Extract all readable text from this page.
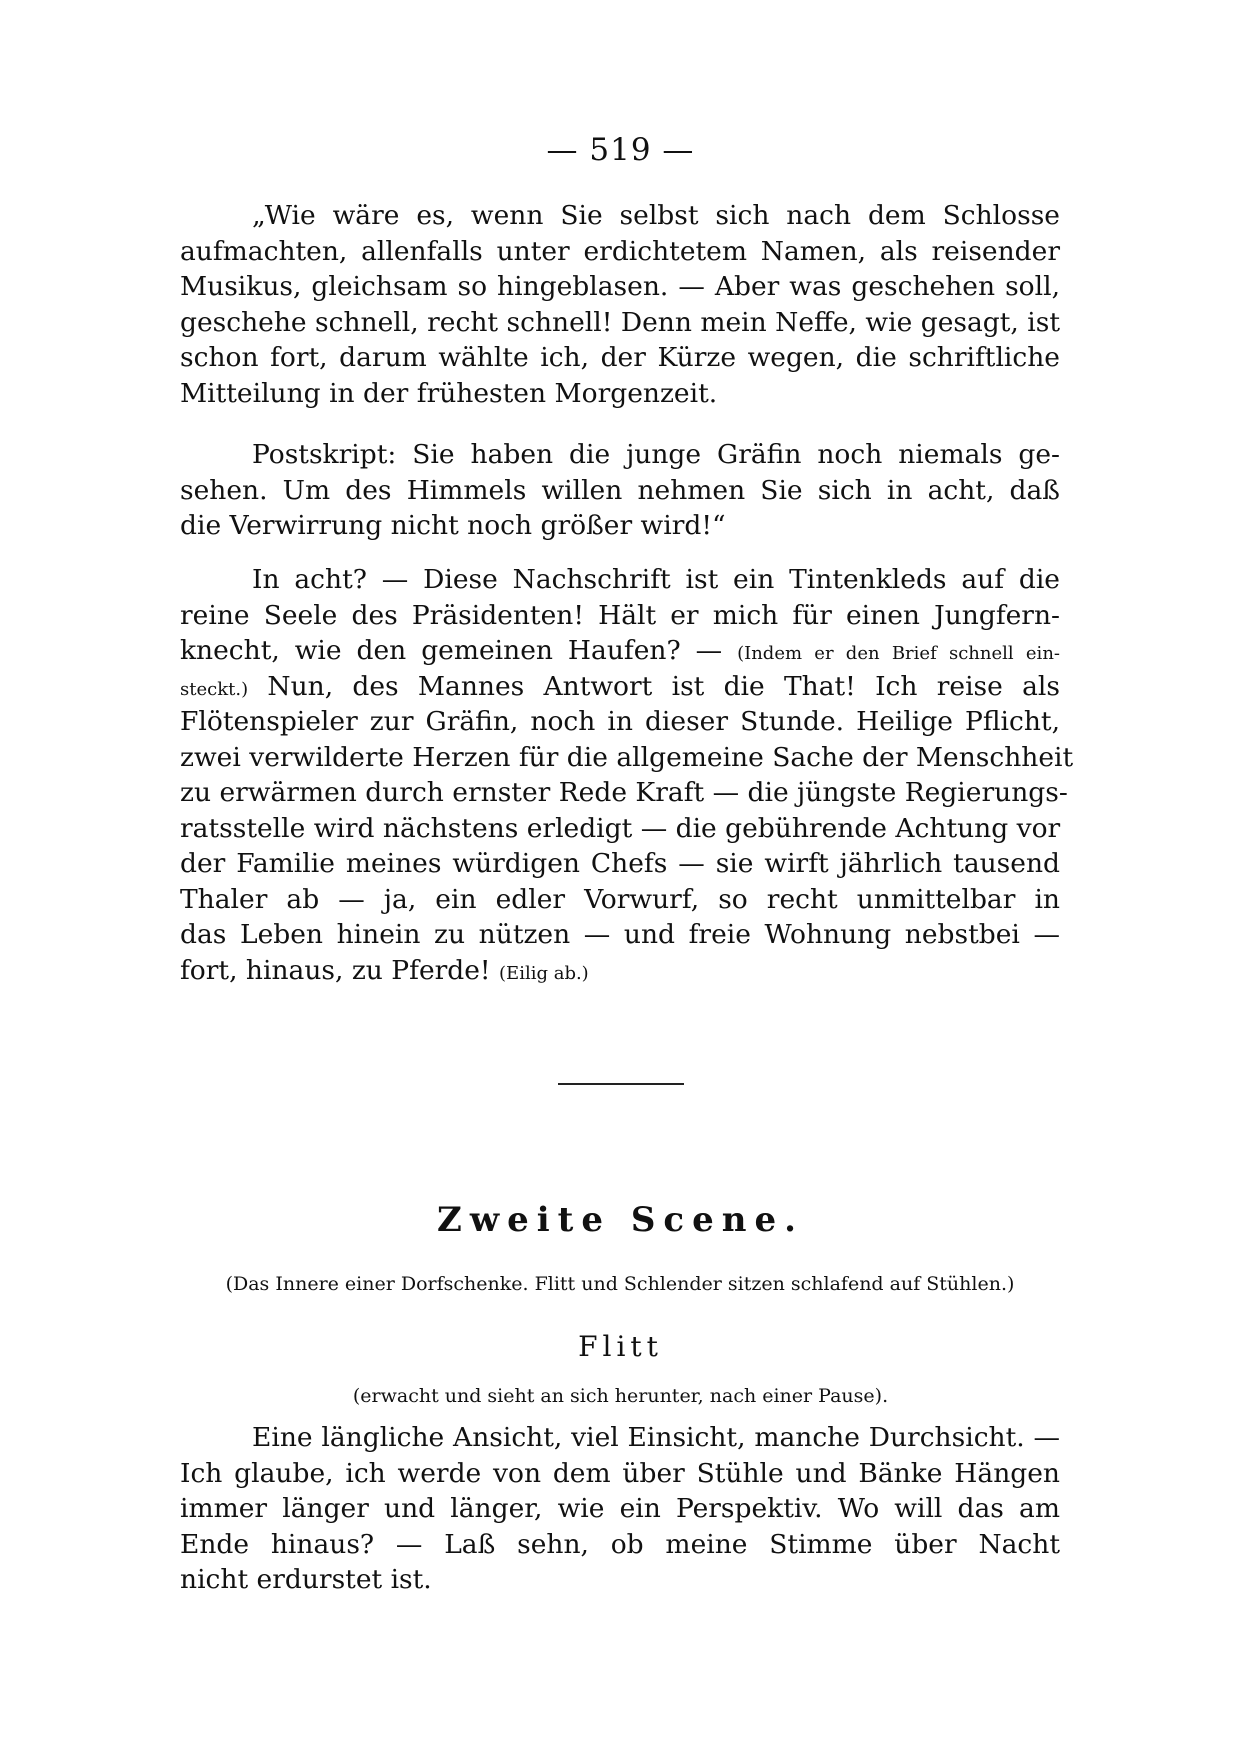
— 519 —
„Wie wäre es, wenn Sie selbst sich nach dem Schlosse
aufmachten, allenfalls unter erdichtetem Namen, als reisender
Musikus, gleichsam so hingeblasen. — Aber was geschehen soll,
geschehe schnell, recht schnell! Denn mein Neffe, wie gesagt, ist
schon fort, darum wählte ich, der Kürze wegen, die schriftliche
Mitteilung in der frühesten Morgenzeit.
Postskript: Sie haben die junge Gräfin noch niemals ge-
sehen. Um des Himmels willen nehmen Sie sich in acht, daß
die Verwirrung nicht noch größer wird!“
In acht? — Diese Nachschrift ist ein Tintenkleds auf die
reine Seele des Präsidenten! Hält er mich für einen Jungfern-
knecht, wie den gemeinen Haufen? — (Indem er den Brief schnell ein-
steckt.) Nun, des Mannes Antwort ist die That! Ich reise als
Flötenspieler zur Gräfin, noch in dieser Stunde. Heilige Pflicht,
zwei verwilderte Herzen für die allgemeine Sache der Menschheit
zu erwärmen durch ernster Rede Kraft — die jüngste Regierungs-
ratsstelle wird nächstens erledigt — die gebührende Achtung vor
der Familie meines würdigen Chefs — sie wirft jährlich tausend
Thaler ab — ja, ein edler Vorwurf, so recht unmittelbar in
das Leben hinein zu nützen — und freie Wohnung nebstbei —
fort, hinaus, zu Pferde! (Eilig ab.)
Zweite Scene.
(Das Innere einer Dorfschenke. Flitt und Schlender sitzen schlafend auf Stühlen.)
Flitt
(erwacht und sieht an sich herunter, nach einer Pause).
Eine längliche Ansicht, viel Einsicht, manche Durchsicht. —
Ich glaube, ich werde von dem über Stühle und Bänke Hängen
immer länger und länger, wie ein Perspektiv. Wo will das am
Ende hinaus? — Laß sehn, ob meine Stimme über Nacht
nicht erdurstet ist.
